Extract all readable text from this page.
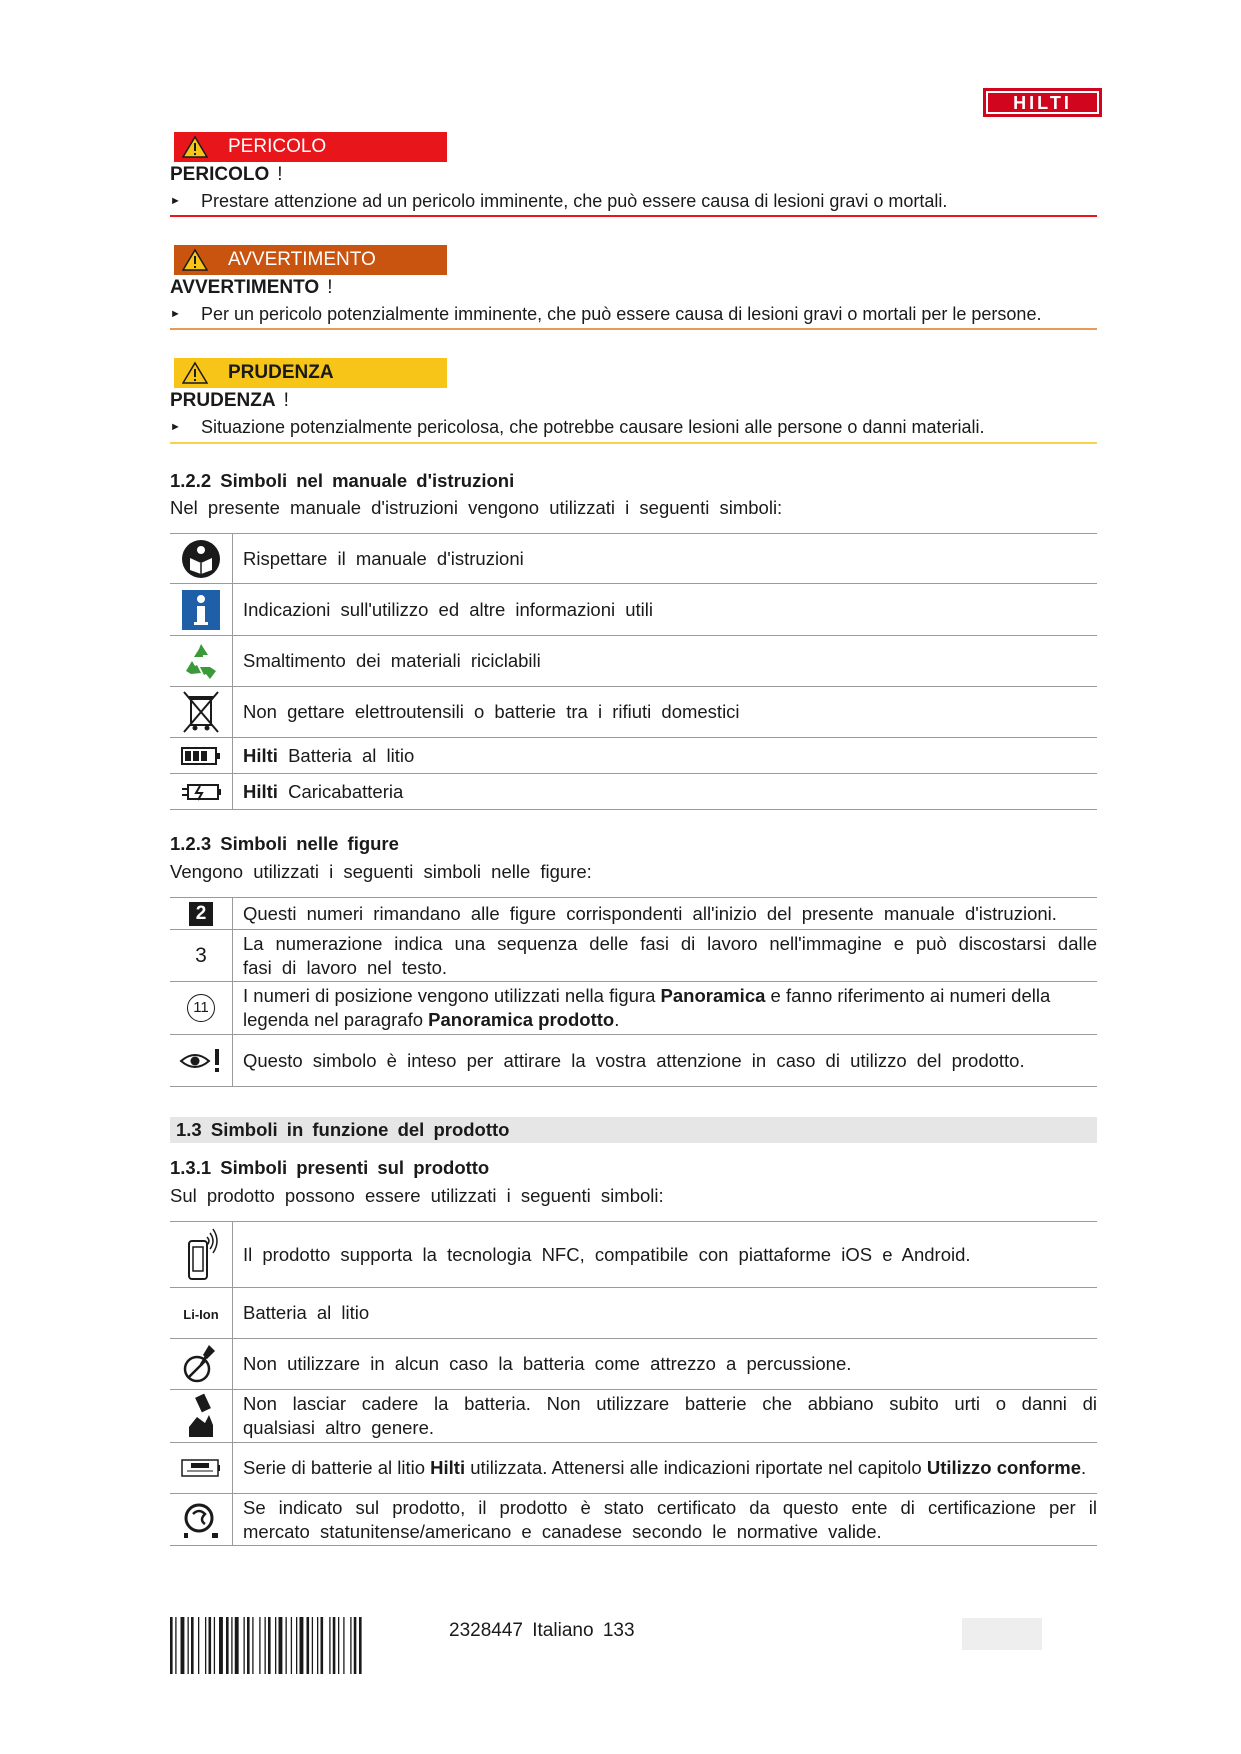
HILTI
PERICOLO
PERICOLO !
►	Prestare attenzione ad un pericolo imminente, che può essere causa di lesioni gravi o mortali.
AVVERTIMENTO
AVVERTIMENTO !
►	Per un pericolo potenzialmente imminente, che può essere causa di lesioni gravi o mortali per le persone.
PRUDENZA
PRUDENZA !
►	Situazione potenzialmente pericolosa, che potrebbe causare lesioni alle persone o danni materiali.
1.2.2 Simboli nel manuale d'istruzioni
Nel presente manuale d'istruzioni vengono utilizzati i seguenti simboli:
	Rispettare il manuale d'istruzioni

	Indicazioni sull'utilizzo ed altre informazioni utili

	Smaltimento dei materiali riciclabili

	Non gettare elettroutensili o batterie tra i rifiuti domestici

	Hilti Batteria al litio

	Hilti Caricabatteria
1.2.3 Simboli nelle figure
Vengono utilizzati i seguenti simboli nelle figure:
2	Questi numeri rimandano alle figure corrispondenti all'inizio del presente manuale d'istruzioni.
3	La numerazione indica una sequenza delle fasi di lavoro nell'immagine e può discostarsi dalle fasi di lavoro nel testo.
11	I numeri di posizione vengono utilizzati nella figura Panoramica e fanno riferimento ai numeri della legenda nel paragrafo Panoramica prodotto.

	Questo simbolo è inteso per attirare la vostra attenzione in caso di utilizzo del prodotto.
1.3 Simboli in funzione del prodotto
1.3.1 Simboli presenti sul prodotto
Sul prodotto possono essere utilizzati i seguenti simboli:
	Il prodotto supporta la tecnologia NFC, compatibile con piattaforme iOS e Android.
Li-Ion	Batteria al litio

	Non utilizzare in alcun caso la batteria come attrezzo a percussione.

	Non lasciar cadere la batteria. Non utilizzare batterie che abbiano subito urti o danni di qualsiasi altro genere.

	Serie di batterie al litio Hilti utilizzata. Attenersi alle indicazioni riportate nel capitolo Utilizzo conforme.

	Se indicato sul prodotto, il prodotto è stato certificato da questo ente di certificazione per il mercato statunitense/americano e canadese secondo le normative valide.
2328447 Italiano 133
